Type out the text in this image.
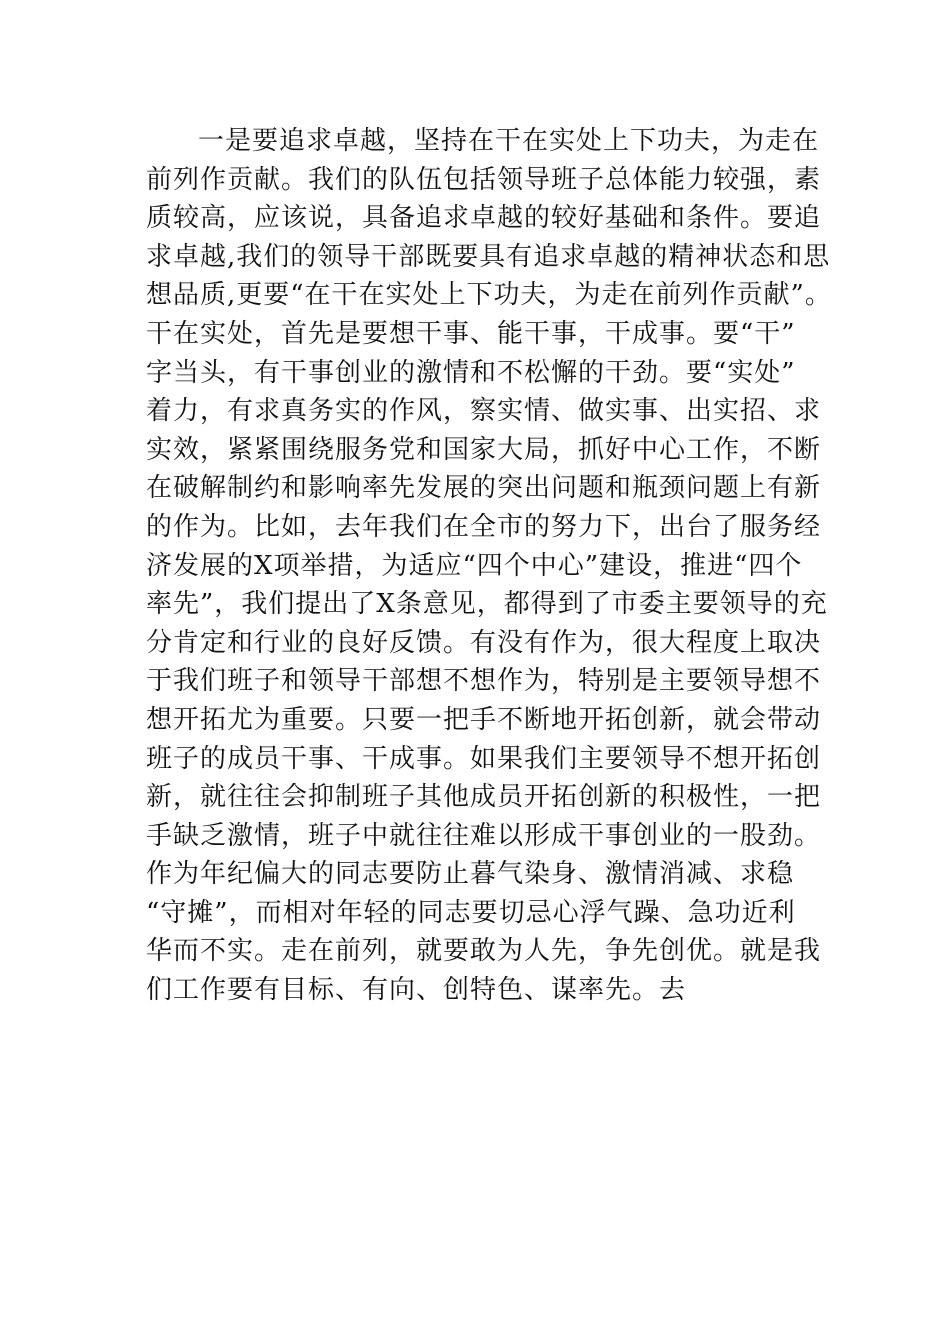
一是要追求卓越，坚持在干在实处上下功夫，为走在
前列作贡献。我们的队伍包括领导班子总体能力较强，素
质较高，应该说，具备追求卓越的较好基础和条件。要追
求卓越,我们的领导干部既要具有追求卓越的精神状态和思
想品质,更要“在干在实处上下功夫，为走在前列作贡献”。
干在实处，首先是要想干事、能干事，干成事。要“干”
字当头，有干事创业的激情和不松懈的干劲。要“实处”
着力，有求真务实的作风，察实情、做实事、出实招、求
实效，紧紧围绕服务党和国家大局，抓好中心工作，不断
在破解制约和影响率先发展的突出问题和瓶颈问题上有新
的作为。比如，去年我们在全市的努力下，出台了服务经
济发展的X项举措，为适应“四个中心”建设，推进“四个
率先”，我们提出了X条意见，都得到了市委主要领导的充
分肯定和行业的良好反馈。有没有作为，很大程度上取决
于我们班子和领导干部想不想作为，特别是主要领导想不
想开拓尤为重要。只要一把手不断地开拓创新，就会带动
班子的成员干事、干成事。如果我们主要领导不想开拓创
新，就往往会抑制班子其他成员开拓创新的积极性，一把
手缺乏激情，班子中就往往难以形成干事创业的一股劲。
作为年纪偏大的同志要防止暮气染身、激情消减、求稳
“守摊”，而相对年轻的同志要切忌心浮气躁、急功近利
华而不实。走在前列，就要敢为人先，争先创优。就是我
们工作要有目标、有向、创特色、谋率先。去
